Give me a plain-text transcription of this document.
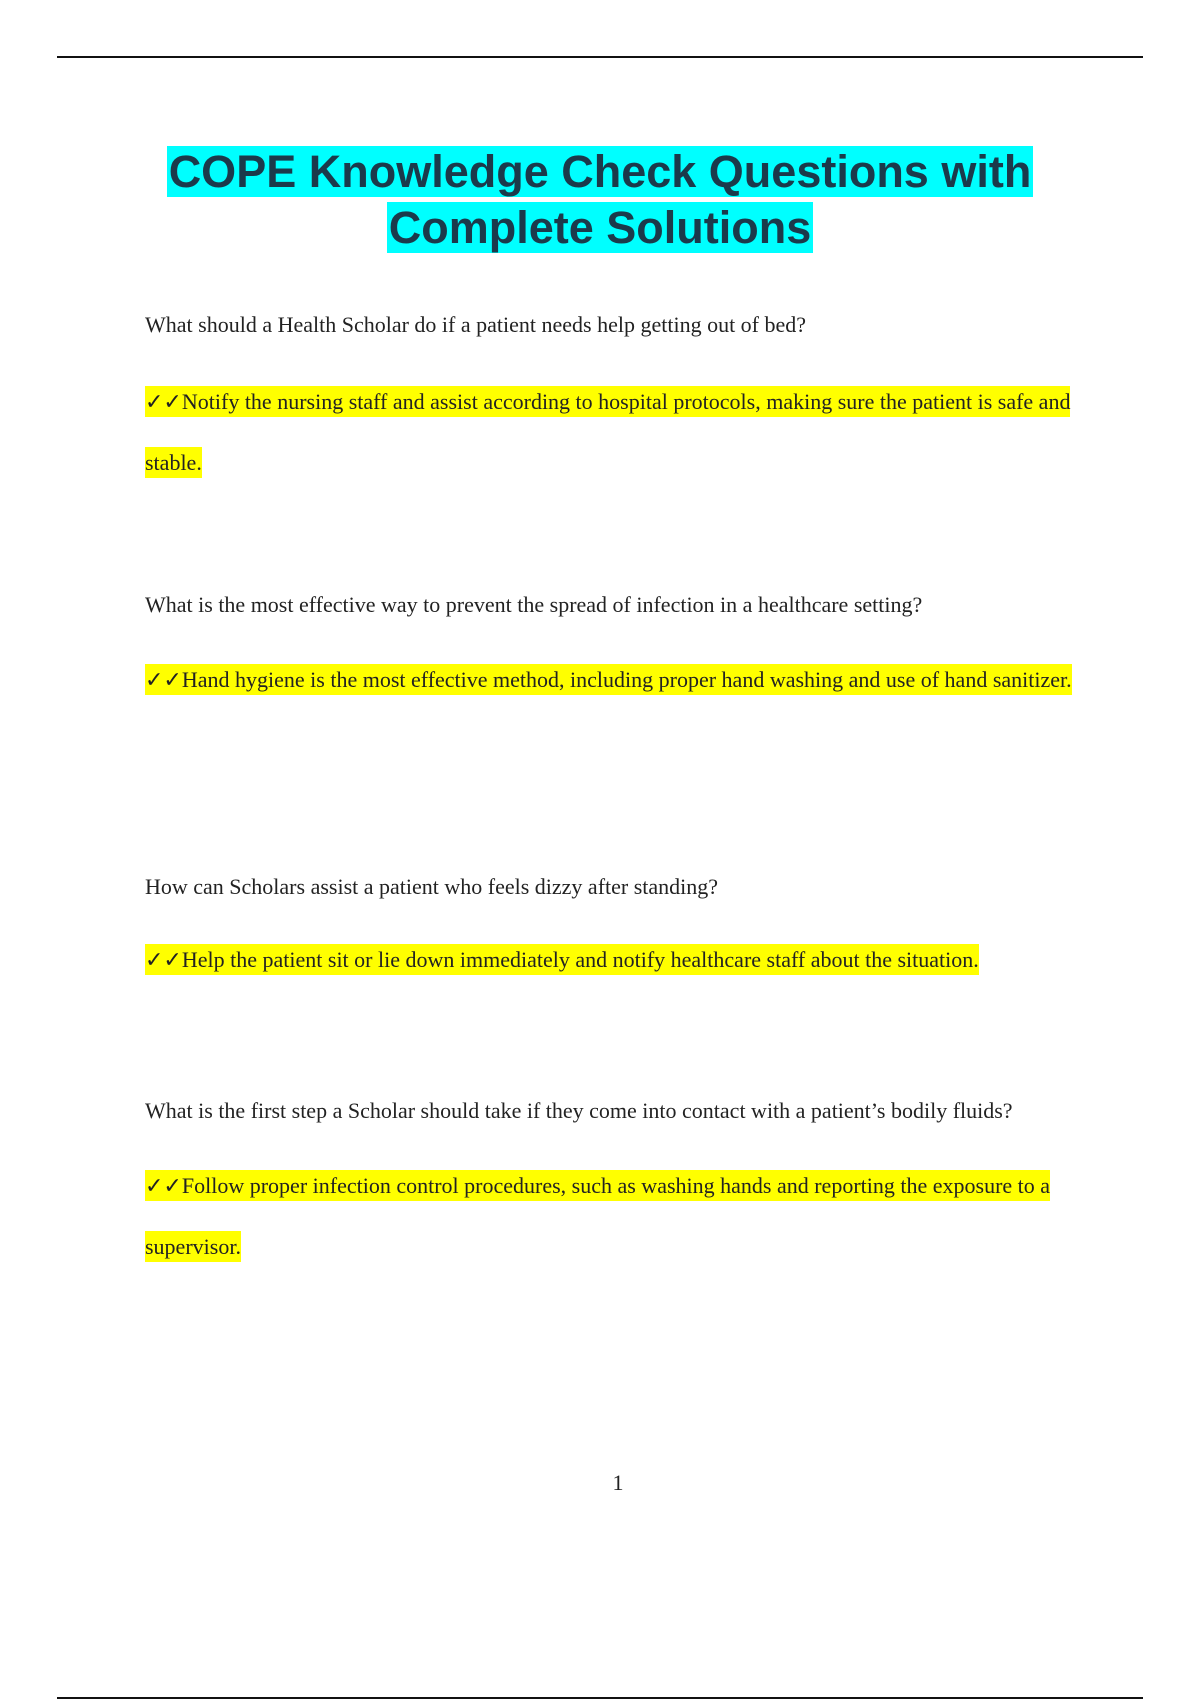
COPE Knowledge Check Questions with
Complete Solutions

What should a Health Scholar do if a patient needs help getting out of bed?

✓✓Notify the nursing staff and assist according to hospital protocols, making sure the patient is safe and stable.

What is the most effective way to prevent the spread of infection in a healthcare setting?

✓✓Hand hygiene is the most effective method, including proper hand washing and use of hand sanitizer.

How can Scholars assist a patient who feels dizzy after standing?

✓✓Help the patient sit or lie down immediately and notify healthcare staff about the situation.

What is the first step a Scholar should take if they come into contact with a patient’s bodily fluids?

✓✓Follow proper infection control procedures, such as washing hands and reporting the exposure to a supervisor.

1
